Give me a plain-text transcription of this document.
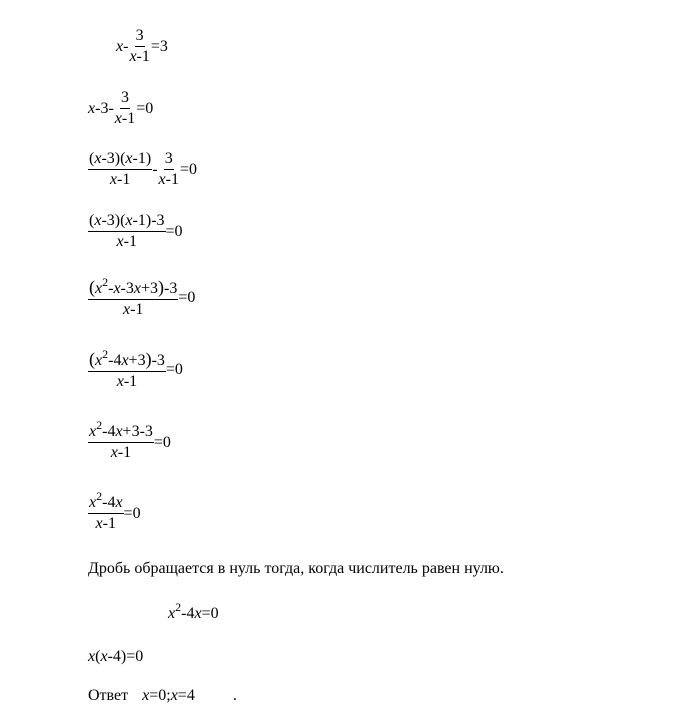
$x - \frac{3}{x-1} =3$
x $-3- \frac{3}{x-1} =0$
$\frac{(x-3)(x-1)}{x-1} - \frac{3}{x-1} =0$
$\frac{(x-3)(x-1)-3}{x-1} =0$
$\frac{(x^2-x-3x+3)-3}{x-1} =0$
$\frac{(x^2-4x+3)-3}{x-1} =0$
$\frac{x^2-4x+3-3}{x-1} =0$
$\frac{x^2-4x}{x-1} =0$
Дробь обращается в нуль тогда, когда числитель равен нулю.
$x^2-4x=0$
x(x-4)=0
Ответ x=0;x=4 .
